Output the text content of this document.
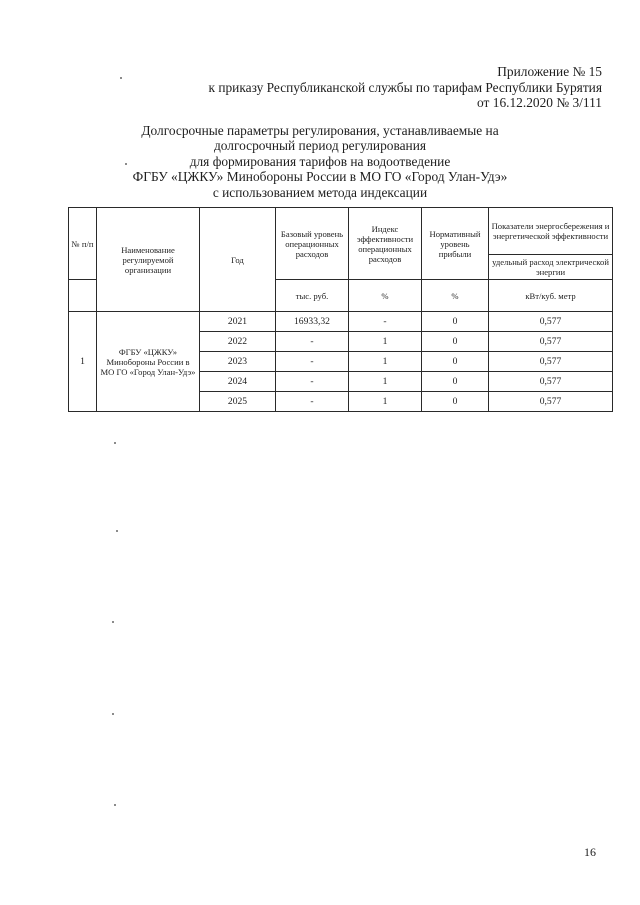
Приложение № 15
к приказу Республиканской службы по тарифам Республики Бурятия
от 16.12.2020 № 3/111
Долгосрочные параметры регулирования, устанавливаемые на
долгосрочный период регулирования
для формирования тарифов на водоотведение
ФГБУ «ЦЖКУ» Минобороны России в МО ГО «Город Улан-Удэ»
с использованием метода индексации
№ п/п	Наименование регулируемой организации	Год	Базовый уровень операционных расходов	Индекс эффективности операционных расходов	Нормативный уровень прибыли	Показатели энергосбережения и энергетической эффективности
						удельный расход электрической энергии
			тыс. руб.	%	%	кВт/куб. метр
1	ФГБУ «ЦЖКУ» Минобороны России в МО ГО «Город Улан-Удэ»	2021	16933,32	-	0	0,577
		2022	-	1	0	0,577
		2023	-	1	0	0,577
		2024	-	1	0	0,577
		2025	-	1	0	0,577
16
